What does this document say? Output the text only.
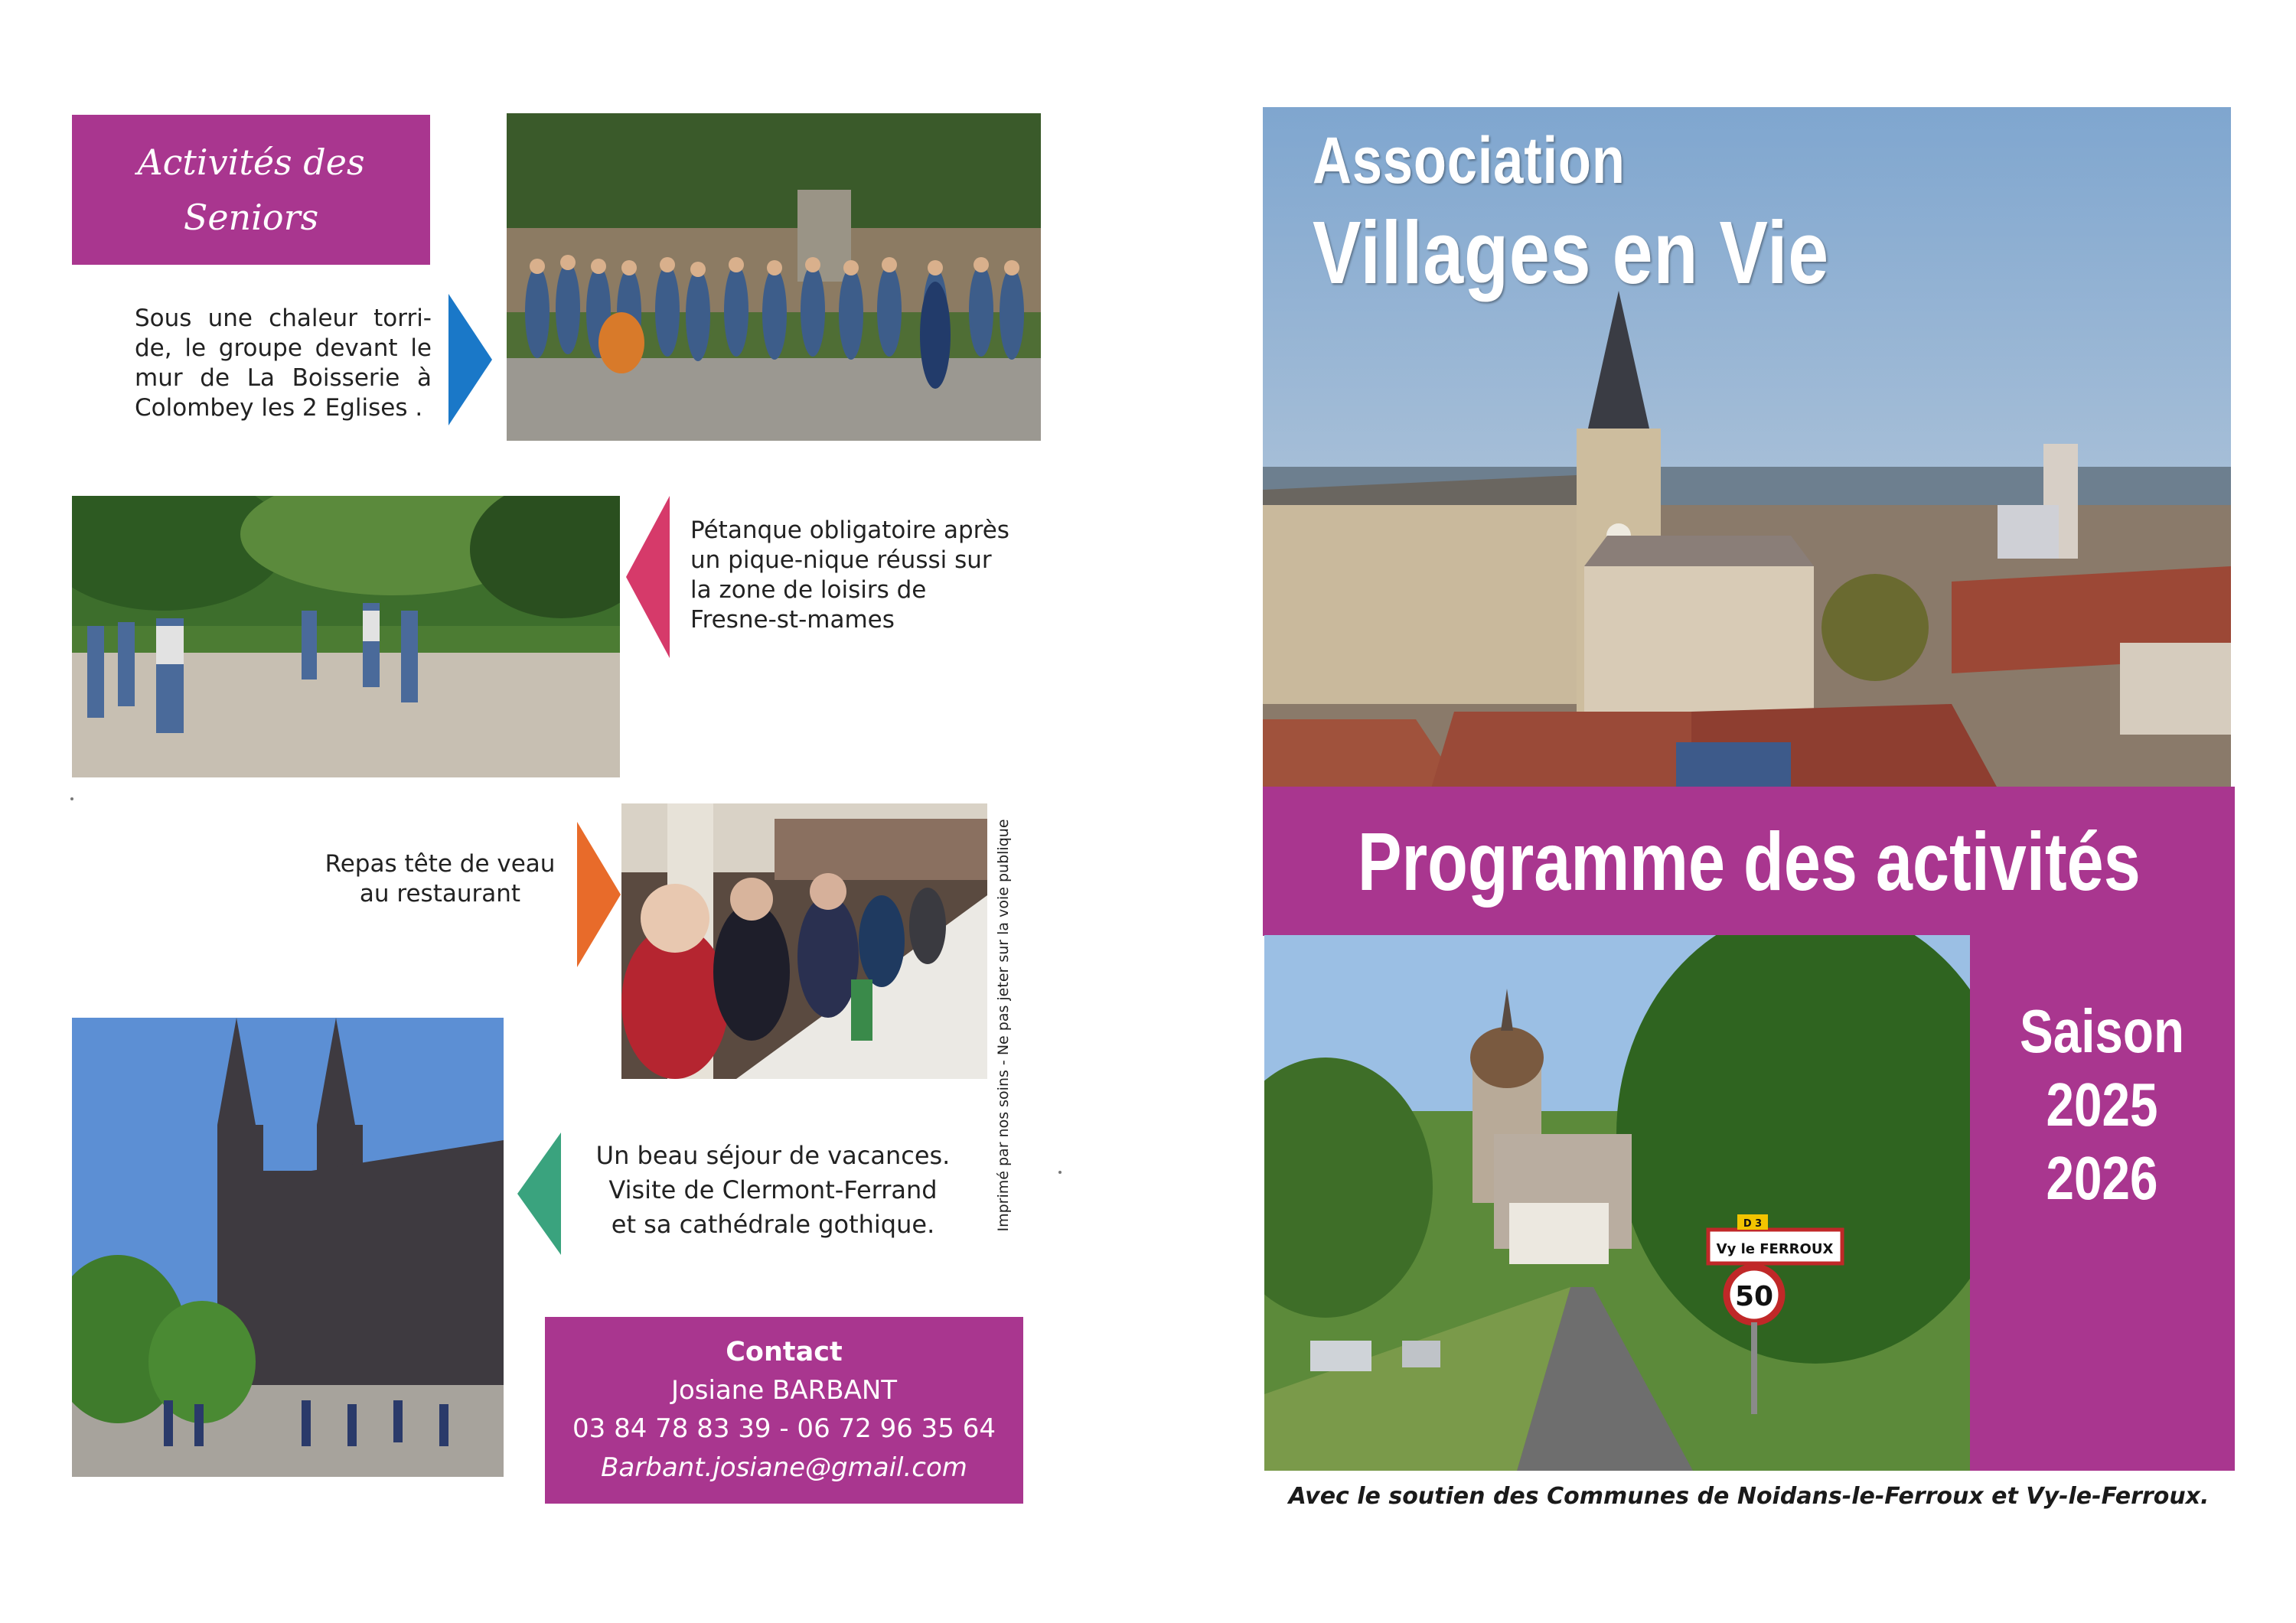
Activités des
Seniors
Sous une chaleur torri-
de, le groupe devant le
mur de La Boisserie à
Colombey les 2 Eglises .
Pétanque obligatoire après
un pique-nique réussi sur
la zone de loisirs de
Fresne-st-mames
Repas tête de veau
au restaurant
Un beau séjour de vacances.
Visite de Clermont-Ferrand
et sa cathédrale gothique.
Contact
Josiane BARBANT
03 84 78 83 39 - 06 72 96 35 64
Barbant.josiane@gmail.com
Imprimé par nos soins - Ne pas jeter sur la voie publique
Association
Villages en Vie
Programme des activités
Saison
2025
2026
50
Vy le FERROUX
D 3
Avec le soutien des Communes de Noidans-le-Ferroux et Vy-le-Ferroux.
